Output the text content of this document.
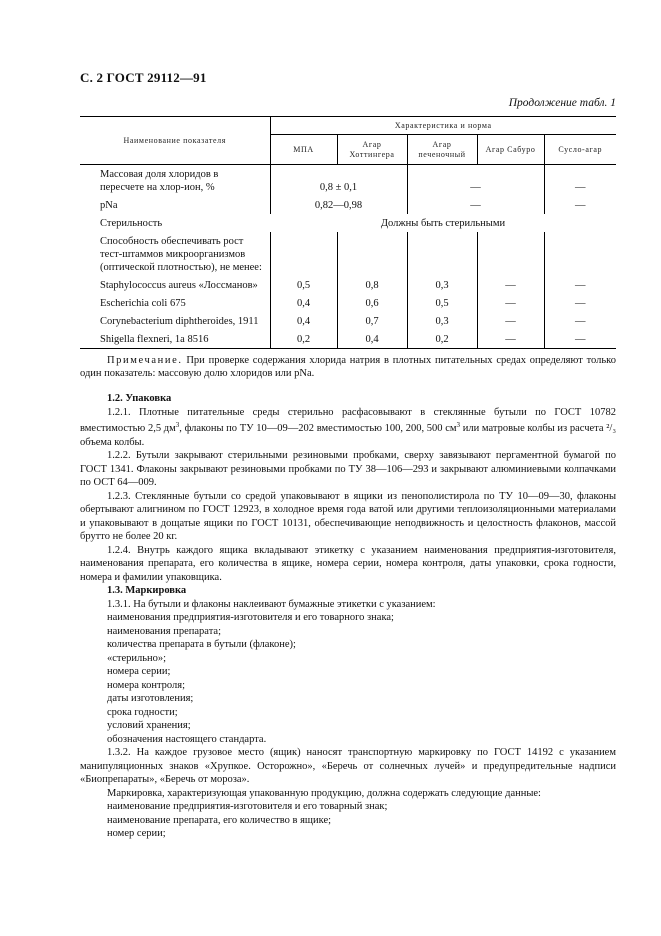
С. 2 ГОСТ 29112—91
Продолжение табл. 1
Наименование показателя	Характеристика и норма				
	МПА	Агар Хоттингера	Агар печеночный	Агар Сабуро	Сусло-агар
Массовая доля хлоридов в пересчете на хлор-ион, %	0,8 ± 0,1		—		—
pNa	0,82—0,98		—		—
Стерильность	Должны быть стерильными				
Способность обеспечивать рост тест-штаммов микроорганизмов (оптической плотностью), не менее:					
Staphylococcus aureus «Лоссманов»	0,5	0,8	0,3	—	—
Escherichia coli 675	0,4	0,6	0,5	—	—
Corynebacterium diphtheroides, 1911	0,4	0,7	0,3	—	—
Shigella flexneri, 1a 8516	0,2	0,4	0,2	—	—
Примечание. При проверке содержания хлорида натрия в плотных питательных средах определяют только один показатель: массовую долю хлоридов или pNa.

1.2. Упаковка

1.2.1. Плотные питательные среды стерильно расфасовывают в стеклянные бутыли по ГОСТ 10782 вместимостью 2,5 $дм^3$, флаконы по ТУ 10—09—202 вместимостью 100, 200, 500 $см^3$ или матровые колбы из расчета ²/₃ объема колбы.

1.2.2. Бутыли закрывают стерильными резиновыми пробками, сверху завязывают пергаментной бумагой по ГОСТ 1341. Флаконы закрывают резиновыми пробками по ТУ 38—106—293 и закрывают алюминиевыми колпачками по ОСТ 64—009.

1.2.3. Стеклянные бутыли со средой упаковывают в ящики из пенополистирола по ТУ 10—09—30, флаконы обертывают алигнином по ГОСТ 12923, в холодное время года ватой или другими теплоизоляционными материалами и упаковывают в дощатые ящики по ГОСТ 10131, обеспечивающие неподвижность и целостность флаконов, массой брутто не более 20 кг.

1.2.4. Внутрь каждого ящика вкладывают этикетку с указанием наименования предприятия-изготовителя, наименования препарата, его количества в ящике, номера серии, номера контроля, даты упаковки, срока годности, номера и фамилии упаковщика.

1.3. Маркировка

1.3.1. На бутыли и флаконы наклеивают бумажные этикетки с указанием:

наименования предприятия-изготовителя и его товарного знака;

наименования препарата;

количества препарата в бутыли (флаконе);

«стерильно»;

номера серии;

номера контроля;

даты изготовления;

срока годности;

условий хранения;

обозначения настоящего стандарта.

1.3.2. На каждое грузовое место (ящик) наносят транспортную маркировку по ГОСТ 14192 с указанием манипуляционных знаков «Хрупкое. Осторожно», «Беречь от солнечных лучей» и предупредительные надписи «Биопрепараты», «Беречь от мороза».

Маркировка, характеризующая упакованную продукцию, должна содержать следующие данные:

наименование предприятия-изготовителя и его товарный знак;

наименование препарата, его количество в ящике;

номер серии;
